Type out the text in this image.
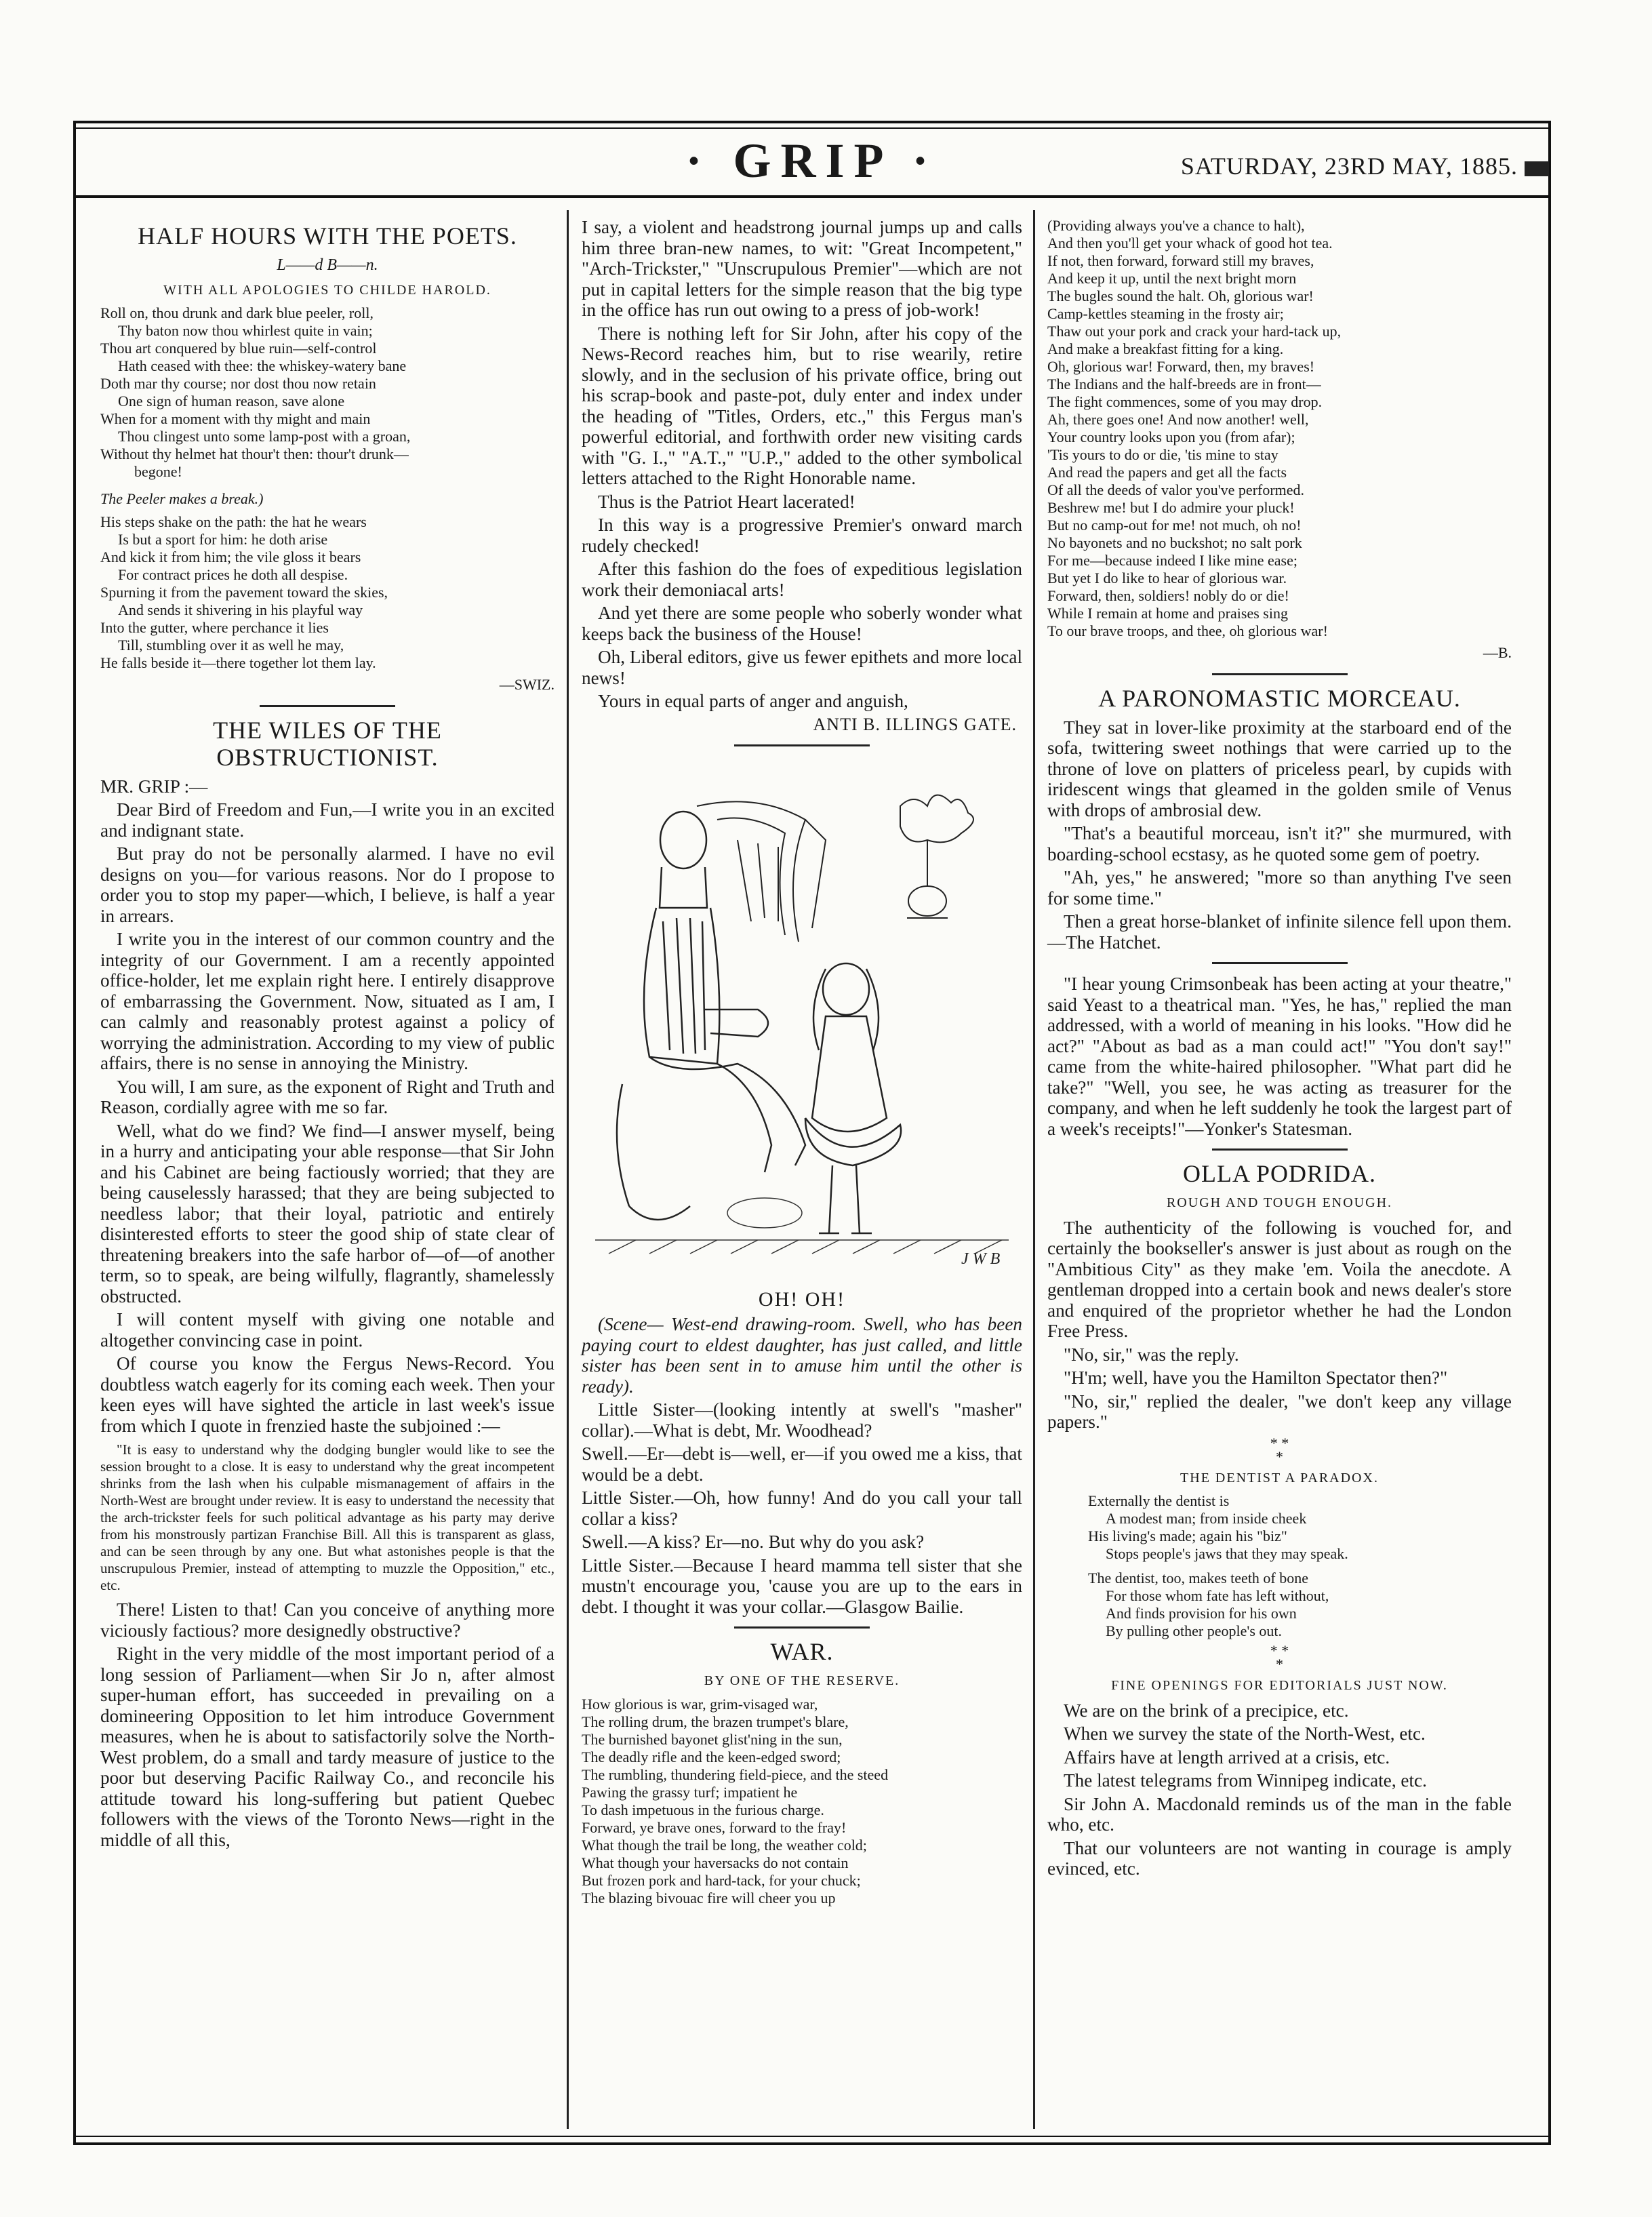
· GRIP ·	SATURDAY, 23RD MAY, 1885.
HALF HOURS WITH THE POETS.
L——d B——n.
WITH ALL APOLOGIES TO CHILDE HAROLD.
Roll on, thou drunk and dark blue peeler, roll,
Thy baton now thou whirlest quite in vain;
Thou art conquered by blue ruin—self-control
Hath ceased with thee: the whiskey-watery bane
Doth mar thy course; nor dost thou now retain
One sign of human reason, save alone
When for a moment with thy might and main
Thou clingest unto some lamp-post with a groan,
Without thy helmet hat thour't then: thour't drunk—
begone!
The Peeler makes a break.)
His steps shake on the path: the hat he wears
Is but a sport for him: he doth arise
And kick it from him; the vile gloss it bears
For contract prices he doth all despise.
Spurning it from the pavement toward the skies,
And sends it shivering in his playful way
Into the gutter, where perchance it lies
Till, stumbling over it as well he may,
He falls beside it—there together lot them lay.
—SWIZ.
THE WILES OF THE OBSTRUCTIONIST.

MR. GRIP :—

Dear Bird of Freedom and Fun,—I write you in an excited and indignant state.

But pray do not be personally alarmed. I have no evil designs on you—for various reasons. Nor do I propose to order you to stop my paper—which, I believe, is half a year in arrears.

I write you in the interest of our common country and the integrity of our Government. I am a recently appointed office-holder, let me explain right here. I entirely disapprove of embarrassing the Government. Now, situated as I am, I can calmly and reasonably protest against a policy of worrying the administration. According to my view of public affairs, there is no sense in annoying the Ministry.

You will, I am sure, as the exponent of Right and Truth and Reason, cordially agree with me so far.

Well, what do we find? We find—I answer myself, being in a hurry and anticipating your able response—that Sir John and his Cabinet are being factiously worried; that they are being causelessly harassed; that they are being subjected to needless labor; that their loyal, patriotic and entirely disinterested efforts to steer the good ship of state clear of threatening breakers into the safe harbor of—of—of another term, so to speak, are being wilfully, flagrantly, shamelessly obstructed.

I will content myself with giving one notable and altogether convincing case in point.

Of course you know the Fergus News-Record. You doubtless watch eagerly for its coming each week. Then your keen eyes will have sighted the article in last week's issue from which I quote in frenzied haste the subjoined :—

"It is easy to understand why the dodging bungler would like to see the session brought to a close. It is easy to understand why the great incompetent shrinks from the lash when his culpable mismanagement of affairs in the North-West are brought under review. It is easy to understand the necessity that the arch-trickster feels for such political advantage as his party may derive from his monstrously partizan Franchise Bill. All this is transparent as glass, and can be seen through by any one. But what astonishes people is that the unscrupulous Premier, instead of attempting to muzzle the Opposition," etc., etc.

There! Listen to that! Can you conceive of anything more viciously factious? more designedly obstructive?

Right in the very middle of the most important period of a long session of Parliament—when Sir Jo n, after almost super-human effort, has succeeded in prevailing on a domineering Opposition to let him introduce Government measures, when he is about to satisfactorily solve the North-West problem, do a small and tardy measure of justice to the poor but deserving Pacific Railway Co., and reconcile his attitude toward his long-suffering but patient Quebec followers with the views of the Toronto News—right in the middle of all this,

I say, a violent and headstrong journal jumps up and calls him three bran-new names, to wit: "Great Incompetent," "Arch-Trickster," "Unscrupulous Premier"—which are not put in capital letters for the simple reason that the big type in the office has run out owing to a press of job-work!

There is nothing left for Sir John, after his copy of the News-Record reaches him, but to rise wearily, retire slowly, and in the seclusion of his private office, bring out his scrap-book and paste-pot, duly enter and index under the heading of "Titles, Orders, etc.," this Fergus man's powerful editorial, and forthwith order new visiting cards with "G. I.," "A.T.," "U.P.," added to the other symbolical letters attached to the Right Honorable name.

Thus is the Patriot Heart lacerated!

In this way is a progressive Premier's onward march rudely checked!

After this fashion do the foes of expeditious legislation work their demoniacal arts!

And yet there are some people who soberly wonder what keeps back the business of the House!

Oh, Liberal editors, give us fewer epithets and more local news!

Yours in equal parts of anger and anguish,

ANTI B. ILLINGS GATE.
J W B
OH! OH!

(Scene— West-end drawing-room. Swell, who has been paying court to eldest daughter, has just called, and little sister has been sent in to amuse him until the other is ready).

Little Sister—(looking intently at swell's "masher" collar).—What is debt, Mr. Woodhead?

Swell.—Er—debt is—well, er—if you owed me a kiss, that would be a debt.

Little Sister.—Oh, how funny! And do you call your tall collar a kiss?

Swell.—A kiss? Er—no. But why do you ask?

Little Sister.—Because I heard mamma tell sister that she mustn't encourage you, 'cause you are up to the ears in debt. I thought it was your collar.—Glasgow Bailie.

WAR.
BY ONE OF THE RESERVE.
How glorious is war, grim-visaged war,
The rolling drum, the brazen trumpet's blare,
The burnished bayonet glist'ning in the sun,
The deadly rifle and the keen-edged sword;
The rumbling, thundering field-piece, and the steed
Pawing the grassy turf; impatient he
To dash impetuous in the furious charge.
Forward, ye brave ones, forward to the fray!
What though the trail be long, the weather cold;
What though your haversacks do not contain
But frozen pork and hard-tack, for your chuck;
The blazing bivouac fire will cheer you up
(Providing always you've a chance to halt),
And then you'll get your whack of good hot tea.
If not, then forward, forward still my braves,
And keep it up, until the next bright morn
The bugles sound the halt. Oh, glorious war!
Camp-kettles steaming in the frosty air;
Thaw out your pork and crack your hard-tack up,
And make a breakfast fitting for a king.
Oh, glorious war! Forward, then, my braves!
The Indians and the half-breeds are in front—
The fight commences, some of you may drop.
Ah, there goes one! And now another! well,
Your country looks upon you (from afar);
'Tis yours to do or die, 'tis mine to stay
And read the papers and get all the facts
Of all the deeds of valor you've performed.
Beshrew me! but I do admire your pluck!
But no camp-out for me! not much, oh no!
No bayonets and no buckshot; no salt pork
For me—because indeed I like mine ease;
But yet I do like to hear of glorious war.
Forward, then, soldiers! nobly do or die!
While I remain at home and praises sing
To our brave troops, and thee, oh glorious war!
—B.
A PARONOMASTIC MORCEAU.

They sat in lover-like proximity at the starboard end of the sofa, twittering sweet nothings that were carried up to the throne of love on platters of priceless pearl, by cupids with iridescent wings that gleamed in the golden smile of Venus with drops of ambrosial dew.

"That's a beautiful morceau, isn't it?" she murmured, with boarding-school ecstasy, as he quoted some gem of poetry.

"Ah, yes," he answered; "more so than anything I've seen for some time."

Then a great horse-blanket of infinite silence fell upon them.—The Hatchet.

"I hear young Crimsonbeak has been acting at your theatre," said Yeast to a theatrical man. "Yes, he has," replied the man addressed, with a world of meaning in his looks. "How did he act?" "About as bad as a man could act!" "You don't say!" came from the white-haired philosopher. "What part did he take?" "Well, you see, he was acting as treasurer for the company, and when he left suddenly he took the largest part of a week's receipts!"—Yonker's Statesman.

OLLA PODRIDA.
ROUGH AND TOUGH ENOUGH.

The authenticity of the following is vouched for, and certainly the bookseller's answer is just about as rough on the "Ambitious City" as they make 'em. Voila the anecdote. A gentleman dropped into a certain book and news dealer's store and enquired of the proprietor whether he had the London Free Press.

"No, sir," was the reply.

"H'm; well, have you the Hamilton Spectator then?"

"No, sir," replied the dealer, "we don't keep any village papers."

* *
*
THE DENTIST A PARADOX.
Externally the dentist is
A modest man; from inside cheek
His living's made; again his "biz"
Stops people's jaws that they may speak.
The dentist, too, makes teeth of bone
For those whom fate has left without,
And finds provision for his own
By pulling other people's out.
* *
*
FINE OPENINGS FOR EDITORIALS JUST NOW.

We are on the brink of a precipice, etc.

When we survey the state of the North-West, etc.

Affairs have at length arrived at a crisis, etc.

The latest telegrams from Winnipeg indicate, etc.

Sir John A. Macdonald reminds us of the man in the fable who, etc.

That our volunteers are not wanting in courage is amply evinced, etc.
